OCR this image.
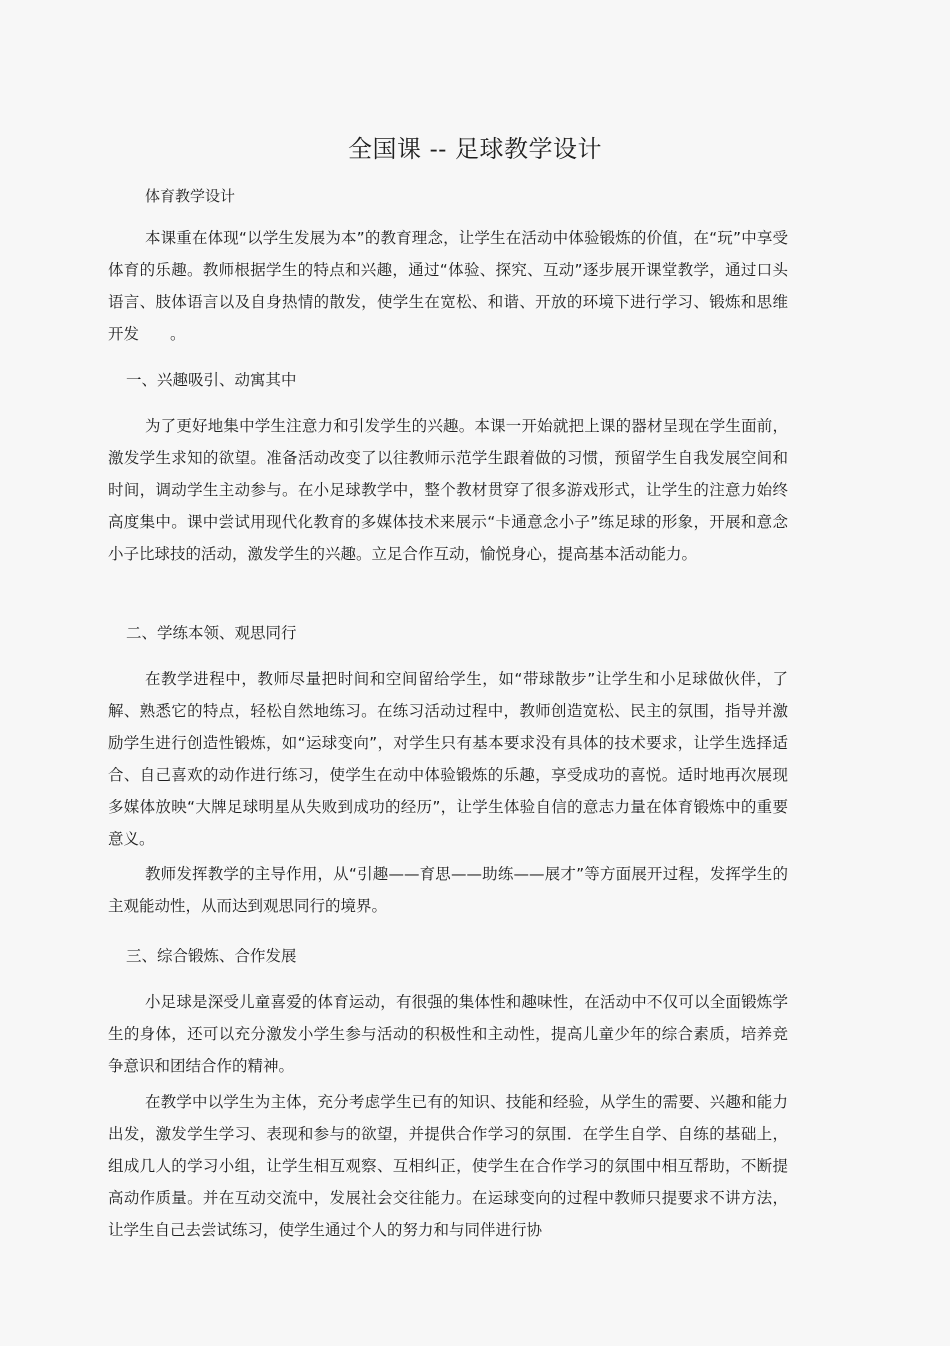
全国课 -- 足球教学设计
体育教学设计
本课重在体现“以学生发展为本”的教育理念，让学生在活动中体验锻炼的价值，在“玩”中享受体育的乐趣。教师根据学生的特点和兴趣，通过“体验、探究、互动”逐步展开课堂教学，通过口头语言、肢体语言以及自身热情的散发，使学生在宽松、和谐、开放的环境下进行学习、锻炼和思维开发　　。
一、兴趣吸引、动寓其中
为了更好地集中学生注意力和引发学生的兴趣。本课一开始就把上课的器材呈现在学生面前，激发学生求知的欲望。准备活动改变了以往教师示范学生跟着做的习惯，预留学生自我发展空间和时间，调动学生主动参与。在小足球教学中，整个教材贯穿了很多游戏形式，让学生的注意力始终高度集中。课中尝试用现代化教育的多媒体技术来展示“卡通意念小子”练足球的形象，开展和意念小子比球技的活动，激发学生的兴趣。立足合作互动，愉悦身心，提高基本活动能力。
二、学练本领、观思同行
在教学进程中，教师尽量把时间和空间留给学生，如“带球散步”让学生和小足球做伙伴，了解、熟悉它的特点，轻松自然地练习。在练习活动过程中，教师创造宽松、民主的氛围，指导并激励学生进行创造性锻炼，如“运球变向”，对学生只有基本要求没有具体的技术要求，让学生选择适合、自己喜欢的动作进行练习，使学生在动中体验锻炼的乐趣，享受成功的喜悦。适时地再次展现多媒体放映“大牌足球明星从失败到成功的经历”，让学生体验自信的意志力量在体育锻炼中的重要意义。
教师发挥教学的主导作用，从“引趣——育思——助练——展才”等方面展开过程，发挥学生的主观能动性，从而达到观思同行的境界。
三、综合锻炼、合作发展
小足球是深受儿童喜爱的体育运动，有很强的集体性和趣味性，在活动中不仅可以全面锻炼学生的身体，还可以充分激发小学生参与活动的积极性和主动性，提高儿童少年的综合素质，培养竞争意识和团结合作的精神。
在教学中以学生为主体，充分考虑学生已有的知识、技能和经验，从学生的需要、兴趣和能力出发，激发学生学习、表现和参与的欲望，并提供合作学习的氛围．在学生自学、自练的基础上，组成几人的学习小组，让学生相互观察、互相纠正，使学生在合作学习的氛围中相互帮助，不断提高动作质量。并在互动交流中，发展社会交往能力。在运球变向的过程中教师只提要求不讲方法，让学生自己去尝试练习，使学生通过个人的努力和与同伴进行协
